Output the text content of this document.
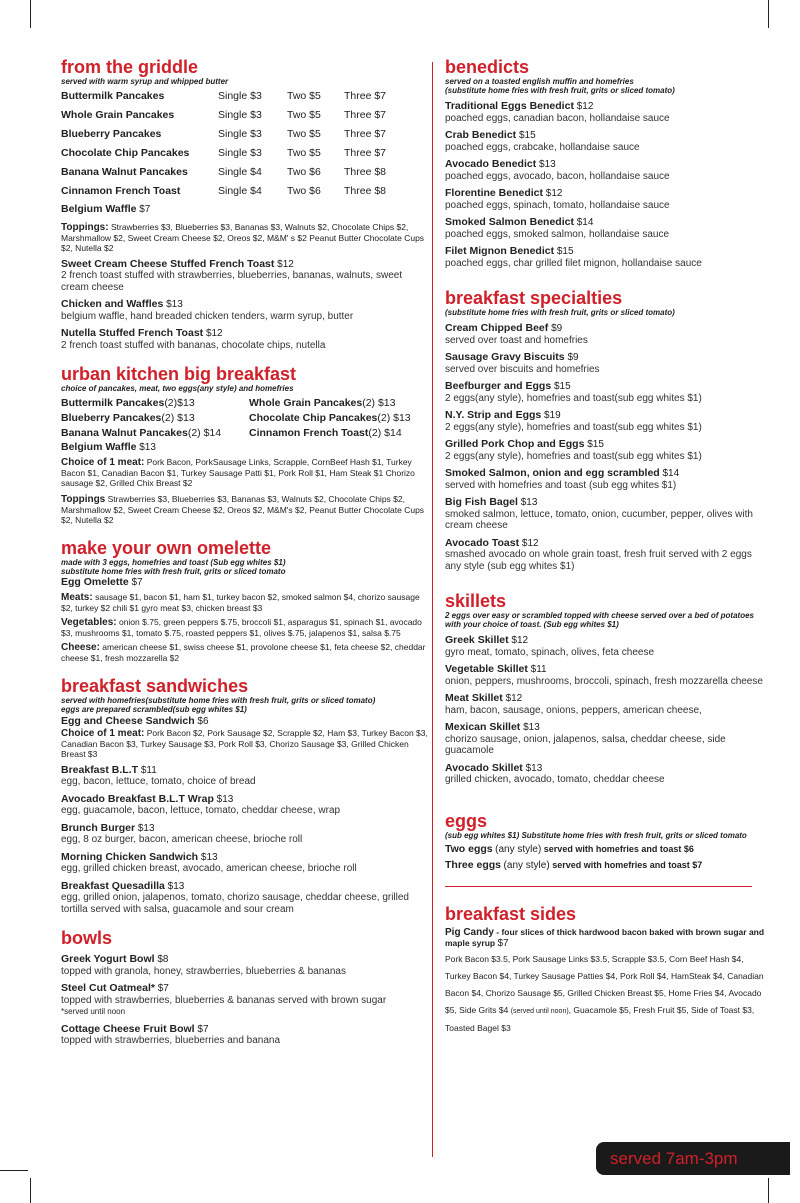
from the griddle
served with warm syrup and whipped butter
Buttermilk Pancakes	Single $3	Two $5	Three $7
Whole Grain Pancakes	Single $3	Two $5	Three $7
Blueberry Pancakes	Single $3	Two $5	Three $7
Chocolate Chip Pancakes	Single $3	Two $5	Three $7
Banana Walnut Pancakes	Single $4	Two $6	Three $8
Cinnamon French Toast	Single $4	Two $6	Three $8
Belgium Waffle $7
Toppings: Strawberries $3, Blueberries $3, Bananas $3, Walnuts $2, Chocolate Chips $2, Marshmallow $2, Sweet Cream Cheese $2, Oreos $2, M&M' s $2 Peanut Butter Chocolate Cups $2, Nutella $2
Sweet Cream Cheese Stuffed French Toast $12
2 french toast stuffed with strawberries, blueberries, bananas, walnuts, sweet cream cheese
Chicken and Waffles $13
belgium waffle, hand breaded chicken tenders, warm syrup, butter
Nutella Stuffed French Toast $12
2 french toast stuffed with bananas, chocolate chips, nutella
urban kitchen big breakfast
choice of pancakes, meat, two eggs(any style) and homefries
Buttermilk Pancakes(2)$13	Whole Grain Pancakes(2) $13
Blueberry Pancakes(2) $13	Chocolate Chip Pancakes(2) $13
Banana Walnut Pancakes(2) $14	Cinnamon French Toast(2) $14
Belgium Waffle $13
Choice of 1 meat: Pork Bacon, PorkSausage Links, Scrapple, CornBeef Hash $1, Turkey Bacon $1, Canadian Bacon $1, Turkey Sausage Patti $1, Pork Roll $1, Ham Steak $1 Chorizo sausage $2, Grilled Chix Breast $2
Toppings Strawberries $3, Blueberries $3, Bananas $3, Walnuts $2, Chocolate Chips $2, Marshmallow $2, Sweet Cream Cheese $2, Oreos $2, M&M's $2, Peanut Butter Chocolate Cups $2, Nutella $2
make your own omelette
made with 3 eggs, homefries and toast (Sub egg whites $1)
substitute home fries with fresh fruit, grits or sliced tomato
Egg Omelette $7
Meats: sausage $1, bacon $1, ham $1, turkey bacon $2, smoked salmon $4, chorizo sausage $2, turkey $2 chili $1 gyro meat $3, chicken breast $3
Vegetables: onion $.75, green peppers $.75, broccoli $1, asparagus $1, spinach $1, avocado $3, mushrooms $1, tomato $.75, roasted peppers $1, olives $.75, jalapenos $1, salsa $.75
Cheese: american cheese $1, swiss cheese $1, provolone cheese $1, feta cheese $2, cheddar cheese $1, fresh mozzarella $2
breakfast sandwiches
served with homefries(substitute home fries with fresh fruit, grits or sliced tomato)
eggs are prepared scrambled(sub egg whites $1)
Egg and Cheese Sandwich $6
Choice of 1 meat: Pork Bacon $2, Pork Sausage $2, Scrapple $2, Ham $3, Turkey Bacon $3, Canadian Bacon $3, Turkey Sausage $3, Pork Roll $3, Chorizo Sausage $3, Grilled Chicken Breast $3
Breakfast B.L.T $11
egg, bacon, lettuce, tomato, choice of bread
Avocado Breakfast B.L.T Wrap $13
egg, guacamole, bacon, lettuce, tomato, cheddar cheese, wrap
Brunch Burger $13
egg, 8 oz burger, bacon, american cheese, brioche roll
Morning Chicken Sandwich $13
egg, grilled chicken breast, avocado, american cheese, brioche roll
Breakfast Quesadilla $13
egg, grilled onion, jalapenos, tomato, chorizo sausage, cheddar cheese, grilled tortilla served with salsa, guacamole and sour cream
bowls
Greek Yogurt Bowl $8
topped with granola, honey, strawberries, blueberries & bananas
Steel Cut Oatmeal* $7
topped with strawberries, blueberries & bananas served with brown sugar
*served until noon
Cottage Cheese Fruit Bowl $7
topped with strawberries, blueberries and banana
benedicts
served on a toasted english muffin and homefries
(substitute home fries with fresh fruit, grits or sliced tomato)
Traditional Eggs Benedict $12
poached eggs, canadian bacon, hollandaise sauce
Crab Benedict $15
poached eggs, crabcake, hollandaise sauce
Avocado Benedict $13
poached eggs, avocado, bacon, hollandaise sauce
Florentine Benedict $12
poached eggs, spinach, tomato, hollandaise sauce
Smoked Salmon Benedict $14
poached eggs, smoked salmon, hollandaise sauce
Filet Mignon Benedict $15
poached eggs, char grilled filet mignon, hollandaise sauce
breakfast specialties
(substitute home fries with fresh fruit, grits or sliced tomato)
Cream Chipped Beef $9
served over toast and homefries
Sausage Gravy Biscuits $9
served over biscuits and homefries
Beefburger and Eggs $15
2 eggs(any style), homefries and toast(sub egg whites $1)
N.Y. Strip and Eggs $19
2 eggs(any style), homefries and toast(sub egg whites $1)
Grilled Pork Chop and Eggs $15
2 eggs(any style), homefries and toast(sub egg whites $1)
Smoked Salmon, onion and egg scrambled $14
served with homefries and toast (sub egg whites $1)
Big Fish Bagel $13
smoked salmon, lettuce, tomato, onion, cucumber, pepper, olives with cream cheese
Avocado Toast $12
smashed avocado on whole grain toast, fresh fruit served with 2 eggs any style (sub egg whites $1)
skillets
2 eggs over easy or scrambled topped with cheese served over a bed of potatoes
with your choice of toast. (Sub egg whites $1)
Greek Skillet $12
gyro meat, tomato, spinach, olives, feta cheese
Vegetable Skillet $11
onion, peppers, mushrooms, broccoli, spinach, fresh mozzarella cheese
Meat Skillet $12
ham, bacon, sausage, onions, peppers, american cheese,
Mexican Skillet $13
chorizo sausage, onion, jalapenos, salsa, cheddar cheese, side guacamole
Avocado Skillet $13
grilled chicken, avocado, tomato, cheddar cheese
eggs
(sub egg whites $1) Substitute home fries with fresh fruit, grits or sliced tomato
Two eggs (any style) served with homefries and toast $6
Three eggs (any style) served with homefries and toast $7
breakfast sides
Pig Candy - four slices of thick hardwood bacon baked with brown sugar and maple syrup $7
Pork Bacon $3.5, Pork Sausage Links $3.5, Scrapple $3.5, Corn Beef Hash $4, Turkey Bacon $4, Turkey Sausage Patties $4, Pork Roll $4, HamSteak $4, Canadian Bacon $4, Chorizo Sausage $5, Grilled Chicken Breast $5, Home Fries $4, Avocado $5, Side Grits $4 (served until noon), Guacamole $5, Fresh Fruit $5, Side of Toast $3, Toasted Bagel $3
served 7am-3pm
